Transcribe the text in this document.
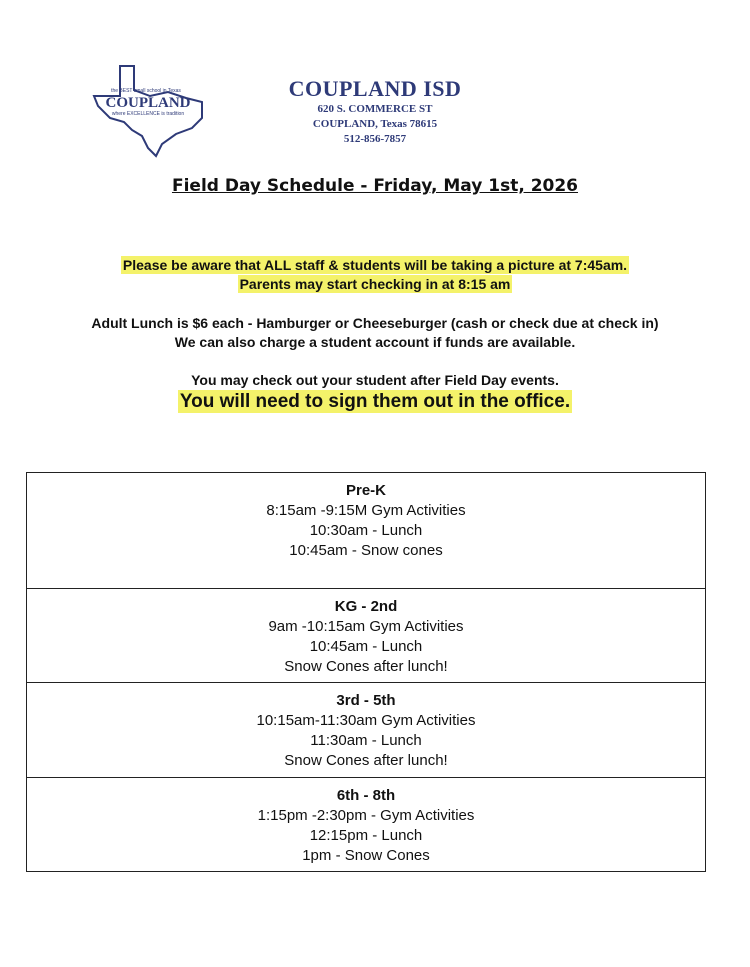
the BEST small school in Texas
COUPLAND
where EXCELLENCE is tradition
COUPLAND ISD
620 S. COMMERCE ST
COUPLAND, Texas 78615
512-856-7857
Field Day Schedule - Friday, May 1st, 2026
Please be aware that ALL staff & students will be taking a picture at 7:45am.
Parents may start checking in at 8:15 am
Adult Lunch is $6 each - Hamburger or Cheeseburger (cash or check due at check in)
We can also charge a student account if funds are available.
You may check out your student after Field Day events.
You will need to sign them out in the office.
Pre-K
8:15am -9:15M Gym Activities
10:30am - Lunch
10:45am - Snow cones
KG - 2nd
9am -10:15am Gym Activities
10:45am - Lunch
Snow Cones after lunch!
3rd - 5th
10:15am-11:30am Gym Activities
11:30am - Lunch
Snow Cones after lunch!
6th - 8th
1:15pm -2:30pm - Gym Activities
12:15pm - Lunch
1pm - Snow Cones
